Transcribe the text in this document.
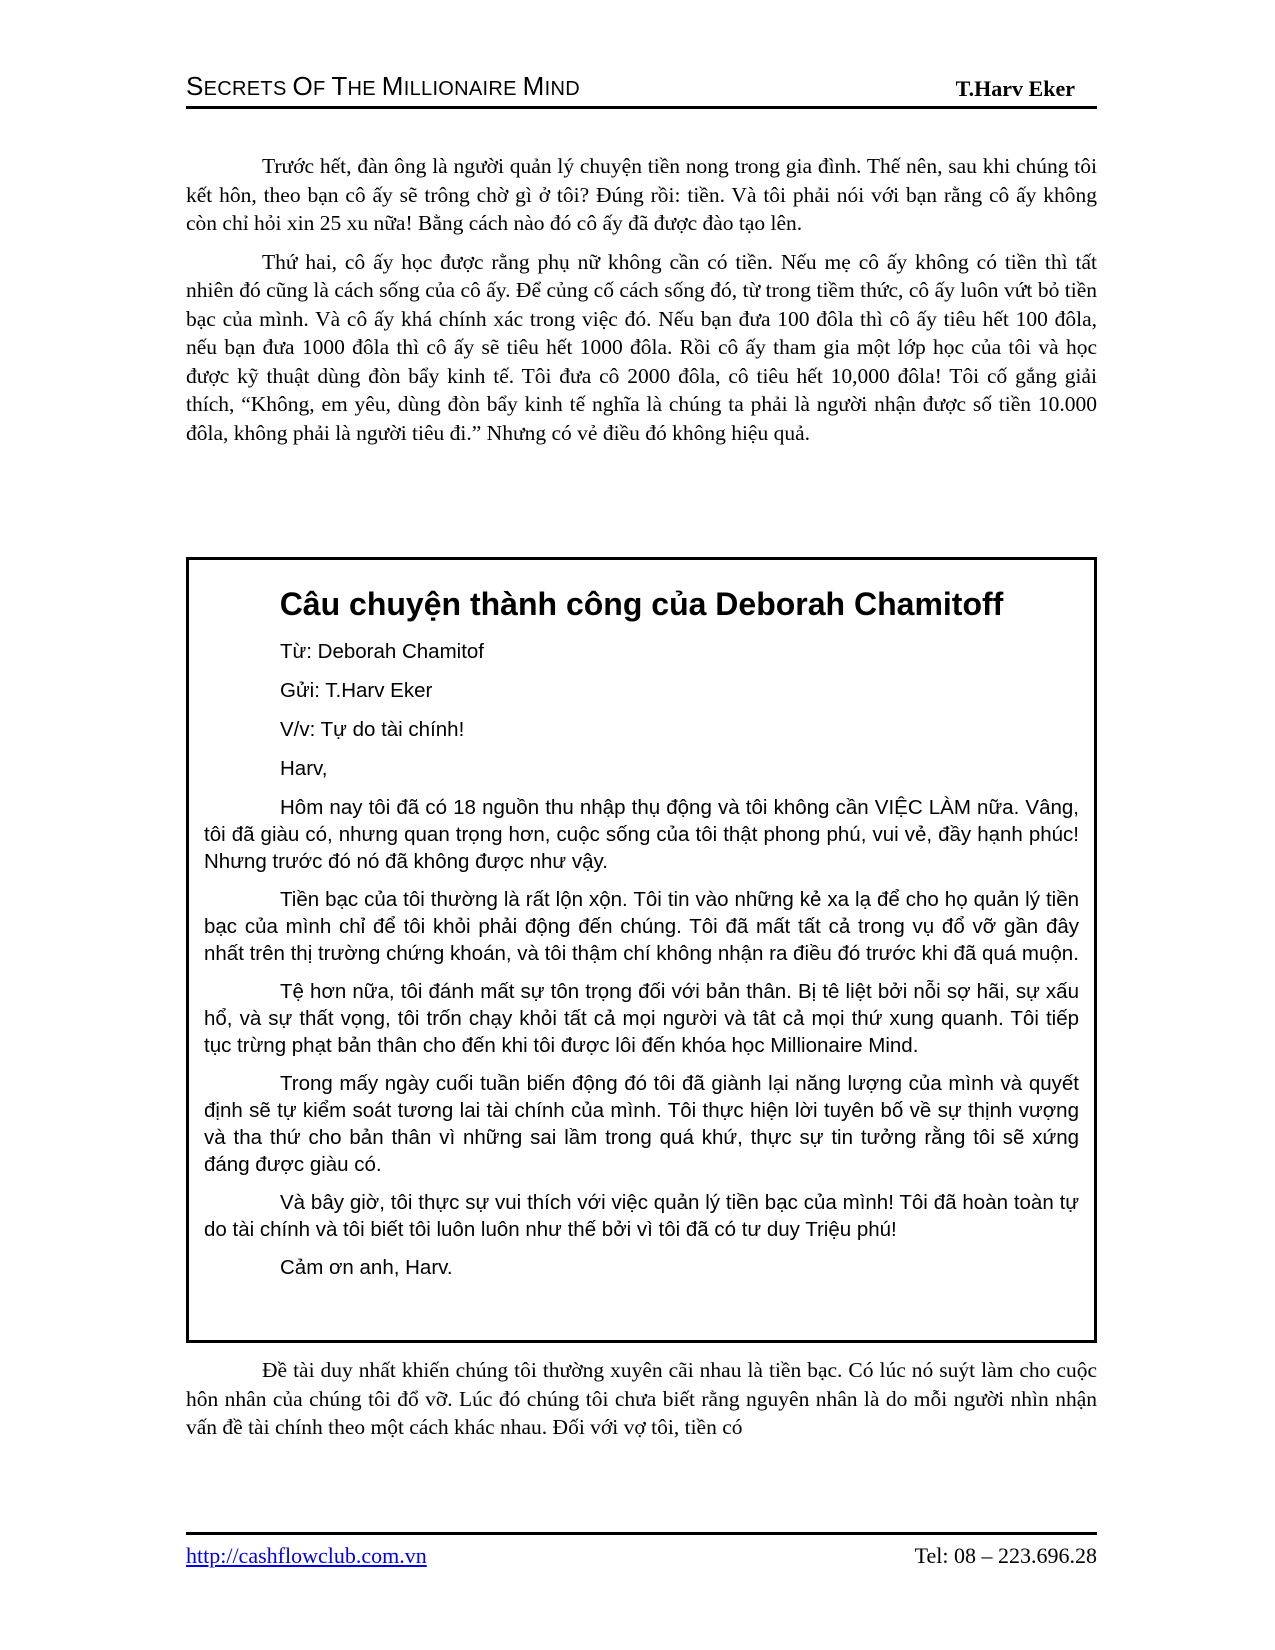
SECRETS OF THE MILLIONAIRE MIND	T.Harv Eker

Trước hết, đàn ông là người quản lý chuyện tiền nong trong gia đình. Thế nên, sau khi chúng tôi kết hôn, theo bạn cô ấy sẽ trông chờ gì ở tôi? Đúng rồi: tiền. Và tôi phải nói với bạn rằng cô ấy không còn chỉ hỏi xin 25 xu nữa! Bằng cách nào đó cô ấy đã được đào tạo lên.

Thứ hai, cô ấy học được rằng phụ nữ không cần có tiền. Nếu mẹ cô ấy không có tiền thì tất nhiên đó cũng là cách sống của cô ấy. Để củng cố cách sống đó, từ trong tiềm thức, cô ấy luôn vứt bỏ tiền bạc của mình. Và cô ấy khá chính xác trong việc đó. Nếu bạn đưa 100 đôla thì cô ấy tiêu hết 100 đôla, nếu bạn đưa 1000 đôla thì cô ấy sẽ tiêu hết 1000 đôla. Rồi cô ấy tham gia một lớp học của tôi và học được kỹ thuật dùng đòn bẩy kinh tế. Tôi đưa cô 2000 đôla, cô tiêu hết 10,000 đôla! Tôi cố gắng giải thích, “Không, em yêu, dùng đòn bẩy kinh tế nghĩa là chúng ta phải là người nhận được số tiền 10.000 đôla, không phải là người tiêu đi.” Nhưng có vẻ điều đó không hiệu quả.

Câu chuyện thành công của Deborah Chamitoff

Từ: Deborah Chamitof

Gửi: T.Harv Eker

V/v: Tự do tài chính!

Harv,

Hôm nay tôi đã có 18 nguồn thu nhập thụ động và tôi không cần VIỆC LÀM nữa. Vâng, tôi đã giàu có, nhưng quan trọng hơn, cuộc sống của tôi thật phong phú, vui vẻ, đầy hạnh phúc! Nhưng trước đó nó đã không được như vậy.

Tiền bạc của tôi thường là rất lộn xộn. Tôi tin vào những kẻ xa lạ để cho họ quản lý tiền bạc của mình chỉ để tôi khỏi phải động đến chúng. Tôi đã mất tất cả trong vụ đổ vỡ gần đây nhất trên thị trường chứng khoán, và tôi thậm chí không nhận ra điều đó trước khi đã quá muộn.

Tệ hơn nữa, tôi đánh mất sự tôn trọng đối với bản thân. Bị tê liệt bởi nỗi sợ hãi, sự xấu hổ, và sự thất vọng, tôi trốn chạy khỏi tất cả mọi người và tât cả mọi thứ xung quanh. Tôi tiếp tục trừng phạt bản thân cho đến khi tôi được lôi đến khóa học Millionaire Mind.

Trong mấy ngày cuối tuần biến động đó tôi đã giành lại năng lượng của mình và quyết định sẽ tự kiểm soát tương lai tài chính của mình. Tôi thực hiện lời tuyên bố về sự thịnh vượng và tha thứ cho bản thân vì những sai lầm trong quá khứ, thực sự tin tưởng rằng tôi sẽ xứng đáng được giàu có.

Và bây giờ, tôi thực sự vui thích với việc quản lý tiền bạc của mình! Tôi đã hoàn toàn tự do tài chính và tôi biết tôi luôn luôn như thế bởi vì tôi đã có tư duy Triệu phú!

Cảm ơn anh, Harv.

Đề tài duy nhất khiến chúng tôi thường xuyên cãi nhau là tiền bạc. Có lúc nó suýt làm cho cuộc hôn nhân của chúng tôi đổ vỡ. Lúc đó chúng tôi chưa biết rằng nguyên nhân là do mỗi người nhìn nhận vấn đề tài chính theo một cách khác nhau. Đối với vợ tôi, tiền có

http://cashflowclub.com.vn	Tel: 08 – 223.696.28
